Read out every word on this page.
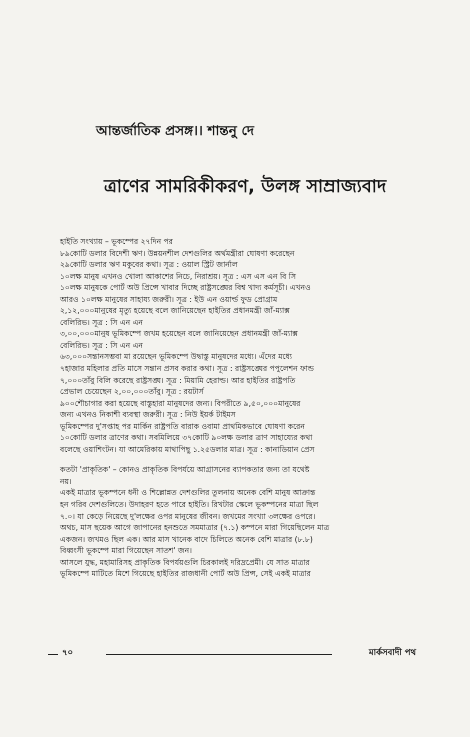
আন্তর্জাতিক প্রসঙ্গ।। শান্তনু দে
ত্রাণের সামরিকীকরণ, উলঙ্গ সাম্রাজ্যবাদ

হাইতি সংখ্যায় – ভূকম্পের ২৭দিন পর

৮৯কোটি ডলার বিদেশী ঋণ। উন্নয়নশীল দেশগুলির অর্থমন্ত্রীরা ঘোষণা করেছেন

২৯কোটি ডলার ঋণ মকুবের কথা। সূত্র : ওয়াল স্ট্রিট জার্নাল

১০লক্ষ মানুষ এখনও খোলা আকাশের নিচে, নিরাশ্রয়। সূত্র : এস এস এন বি সি

১০লক্ষ মানুষকে পোর্ট অউ প্রিন্সে খাবার দিচ্ছে রাষ্ট্রসঙ্ঘের বিশ্ব খাদ্য কর্মসূচী। এখনও

আরও ১০লক্ষ মানুষের সাহায্য জরুরী। সূত্র : ইউ এন ওয়ার্ল্ড ফুড প্রোগ্রাম

২,১২,০০০মানুষের মৃত্যু হয়েছে বলে জানিয়েছেন হাইতির প্রধানমন্ত্রী জাঁ-ম্যাক্স

বেলিরিভ। সূত্র : সি এন এন

৩,০০,০০০মানুষ ভূমিকম্পে জখম হয়েছেন বলে জানিয়েছেন প্রধানমন্ত্রী জাঁ-ম্যাক্স

বেলিরিভ। সূত্র : সি এন এন

৬৩,০০০সন্তানসম্ভবা মা রয়েছেন ভূমিকম্পে উদ্বাস্তু মানুষদের মধ্যে। এঁদের মধ্যে

৭হাজার মহিলার প্রতি মাসে সন্তান প্রসব করার কথা। সূত্র : রাষ্ট্রসঙ্ঘের পপুলেশন ফান্ড

৭,০০০তাঁবু বিলি করেছে রাষ্ট্রসঙ্ঘ। সূত্র : মিয়ামি হেরাল্ড। আর হাইতির রাষ্ট্রপতি

প্রেভাল চেয়েছেন ২,০০,০০০তাঁবু। সূত্র : রয়টার্স

৯০০শৌচাগার করা হয়েছে বাস্তুহারা মানুষদের জন্য। বিপরীতে ৯,৫০,০০০মানুষের

জন্য এখনও নিকাশী ব্যবস্থা জরুরী। সূত্র : নিউ ইয়র্ক টাইমস

ভূমিকম্পের দু'সপ্তাহ পর মার্কিন রাষ্ট্রপতি বারাক ওবামা প্রাথমিকভাবে ঘোষণা করেন

১০কোটি ডলার ত্রাণের কথা। সবমিলিয়ে ৩৭কোটি ৯০লক্ষ ডলার ত্রাণ সাহায্যের কথা

বলেছে ওয়াশিংটন। যা আমেরিকায় মাথাপিছু ১.২৫ডলার মাত্র। সূত্র : কানাডিয়ান প্রেস

কতটা 'প্রাকৃতিক' – কোনও প্রাকৃতিক বিপর্যয়ে আগ্রাসনের ব্যাপকতার জন্য তা যথেষ্ট

নয়।

একই মাত্রার ভূকম্পনে ধনী ও শিল্লোন্নত দেশগুলির তুলনায় অনেক বেশি মানুষ আক্রান্ত

হন গরিব দেশগুলিতে। উদাহরণ হতে পারে হাইতি। রিখটার স্কেলে ভূকম্পনের মাত্রা ছিল

৭.০। যা কেড়ে নিয়েছে দু'লক্ষের ওপর মানুষের জীবন। জখমের সংখ্যা ৩লক্ষের ওপরে।

অথচ, মাস ছয়েক আগে জাপানের হনশুতে সমমাত্রার (৭.১) কম্পনে মারা গিয়েছিলেন মাত্র

একজন। জখমও ছিল এক। আর মাস খানেক বাদে চিলিতে অনেক বেশি মাত্রার (৮.৮)

বিধ্বংসী ভূকম্পে মারা গিয়েছেন সাতশ' জন।

আসলে যুদ্ধ, মহামারিসহ প্রাকৃতিক বিপর্যয়গুলি চিরকালই দরিদ্রপ্রেমী। যে সাত মাত্রার

ভূমিকম্পে মাটিতে মিশে গিয়েছে হাইতির রাজধানী পোর্ট অউ প্রিন্স, সেই একই মাত্রার

৭০	মার্কসবাদী পথ
